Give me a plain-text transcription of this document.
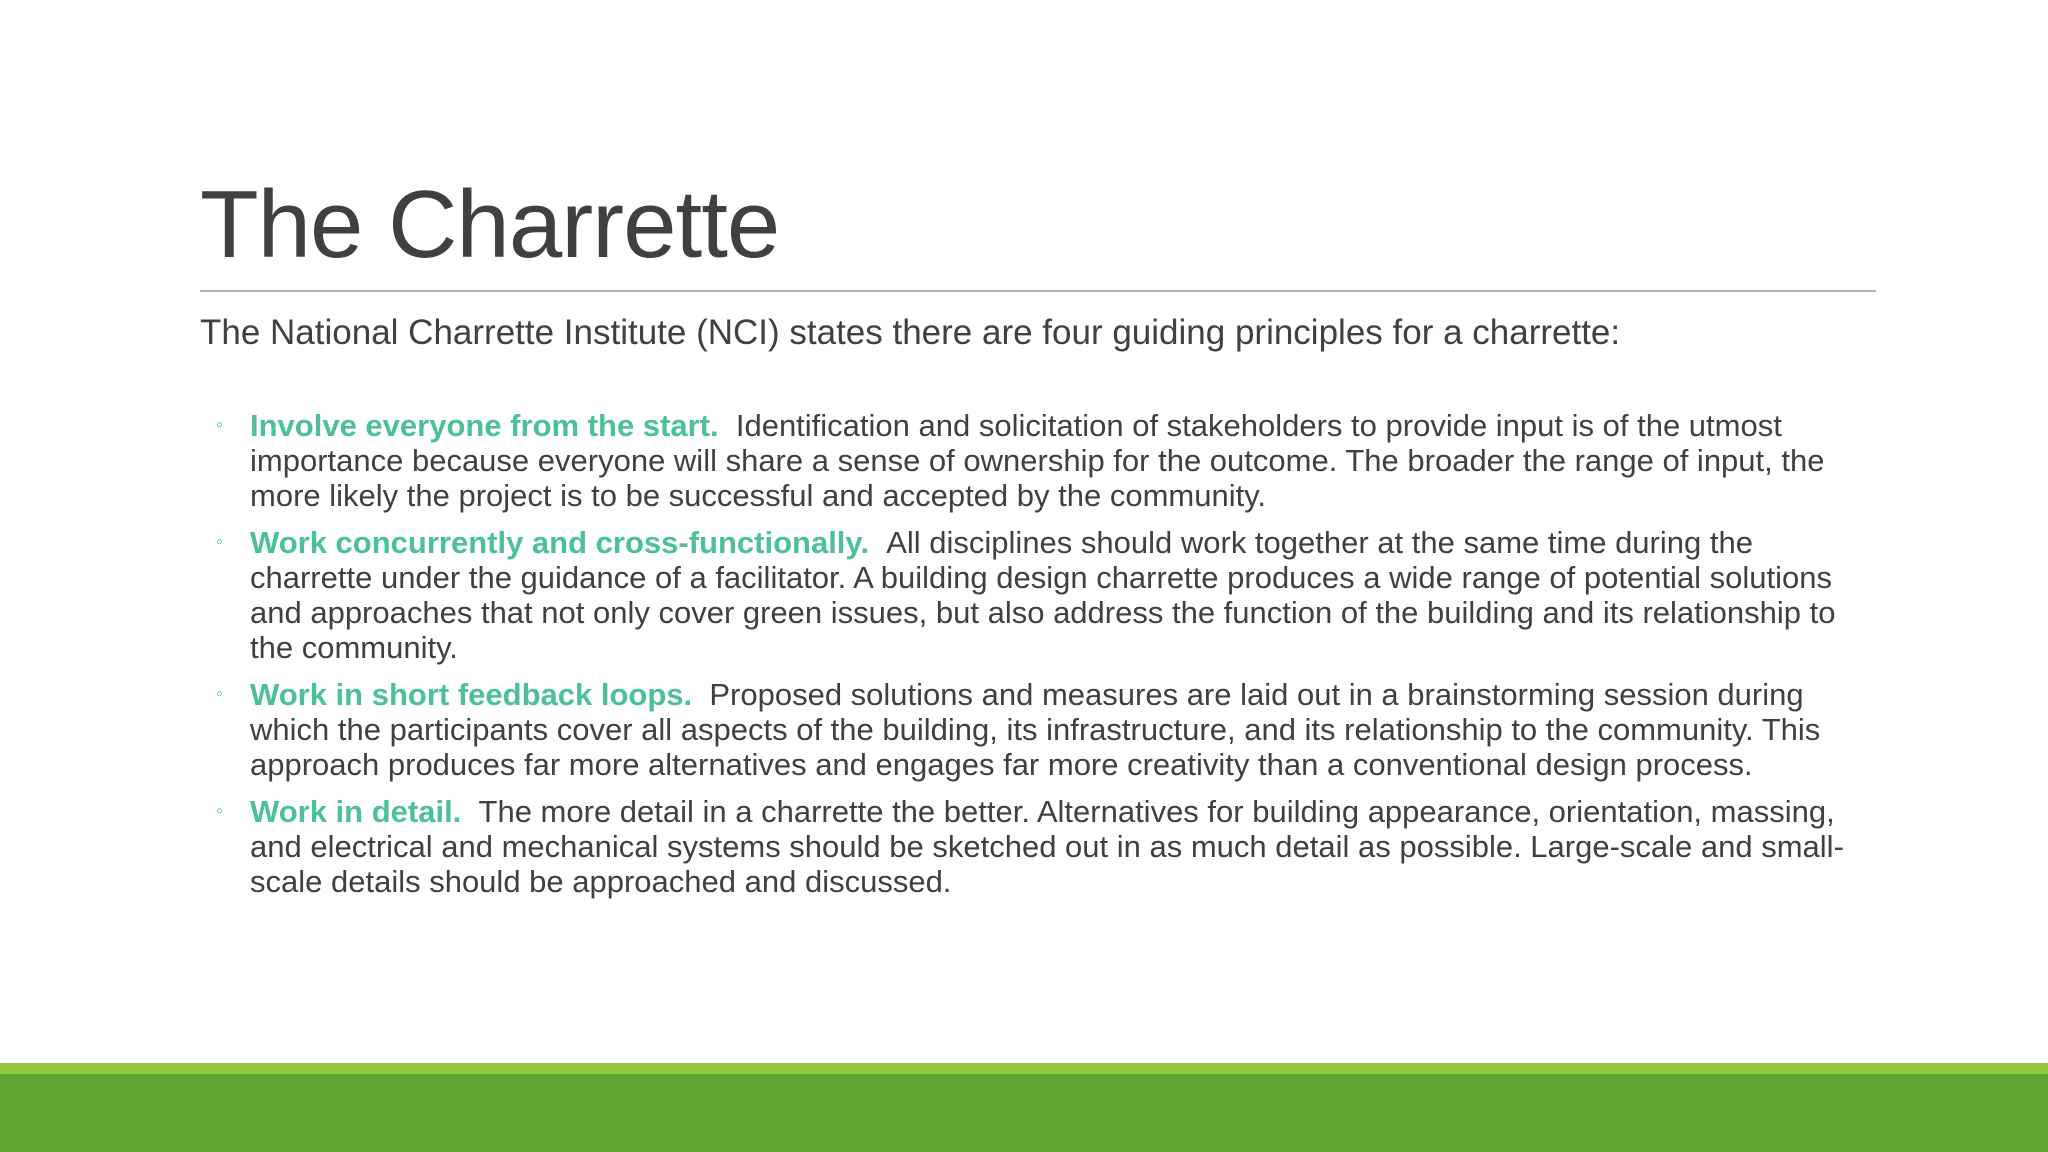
The Charrette
The National Charrette Institute (NCI) states there are four guiding principles for a charrette:
◦ Involve everyone from the start. Identification and solicitation of stakeholders to provide input is of the utmost importance because everyone will share a sense of ownership for the outcome. The broader the range of input, the more likely the project is to be successful and accepted by the community.
◦ Work concurrently and cross-functionally. All disciplines should work together at the same time during the charrette under the guidance of a facilitator. A building design charrette produces a wide range of potential solutions and approaches that not only cover green issues, but also address the function of the building and its relationship to the community.
◦ Work in short feedback loops. Proposed solutions and measures are laid out in a brainstorming session during which the participants cover all aspects of the building, its infrastructure, and its relationship to the community. This approach produces far more alternatives and engages far more creativity than a conventional design process.
◦ Work in detail. The more detail in a charrette the better. Alternatives for building appearance, orientation, massing, and electrical and mechanical systems should be sketched out in as much detail as possible. Large-scale and small-scale details should be approached and discussed.
